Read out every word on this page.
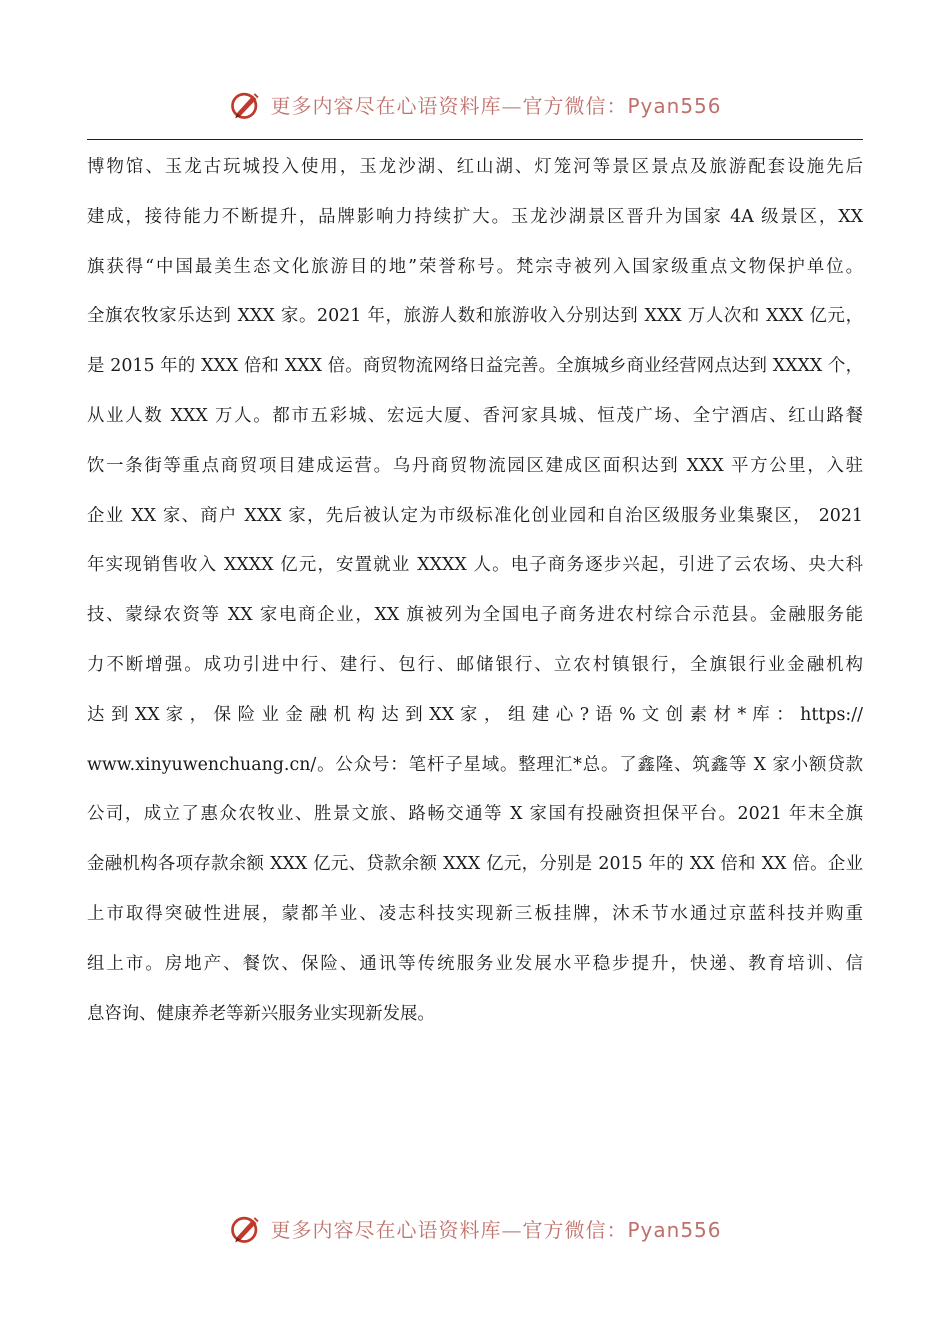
更多内容尽在心语资料库—官方微信：Pyan556
博物馆、玉龙古玩城投入使用，玉龙沙湖、红山湖、灯笼河等景区景点及旅游配套设施先后
建成，接待能力不断提升，品牌影响力持续扩大。玉龙沙湖景区晋升为国家 4A 级景区，XX
旗获得“中国最美生态文化旅游目的地”荣誉称号。梵宗寺被列入国家级重点文物保护单位。
全旗农牧家乐达到 XXX 家。2021 年，旅游人数和旅游收入分别达到 XXX 万人次和 XXX 亿元，
是 2015 年的 XXX 倍和 XXX 倍。商贸物流网络日益完善。全旗城乡商业经营网点达到 XXXX 个，
从业人数 XXX 万人。都市五彩城、宏远大厦、香河家具城、恒茂广场、全宁酒店、红山路餐
饮一条街等重点商贸项目建成运营。乌丹商贸物流园区建成区面积达到 XXX 平方公里，入驻
企业 XX 家、商户 XXX 家，先后被认定为市级标准化创业园和自治区级服务业集聚区， 2021
年实现销售收入 XXXX 亿元，安置就业 XXXX 人。电子商务逐步兴起，引进了云农场、央大科
技、蒙绿农资等 XX 家电商企业，XX 旗被列为全国电子商务进农村综合示范县。金融服务能
力不断增强。成功引进中行、建行、包行、邮储银行、立农村镇银行，全旗银行业金融机构
达 到 XX 家 ， 保 险 业 金 融 机 构 达 到 XX 家 ， 组 建 心 ? 语 % 文 创 素 材 * 库 ： https://
www.xinyuwenchuang.cn/。公众号：笔杆子星域。整理汇*总。了鑫隆、筑鑫等 X 家小额贷款
公司，成立了惠众农牧业、胜景文旅、路畅交通等 X 家国有投融资担保平台。2021 年末全旗
金融机构各项存款余额 XXX 亿元、贷款余额 XXX 亿元，分别是 2015 年的 XX 倍和 XX 倍。企业
上市取得突破性进展，蒙都羊业、凌志科技实现新三板挂牌，沐禾节水通过京蓝科技并购重
组上市。房地产、餐饮、保险、通讯等传统服务业发展水平稳步提升，快递、教育培训、信
息咨询、健康养老等新兴服务业实现新发展。
更多内容尽在心语资料库—官方微信：Pyan556
